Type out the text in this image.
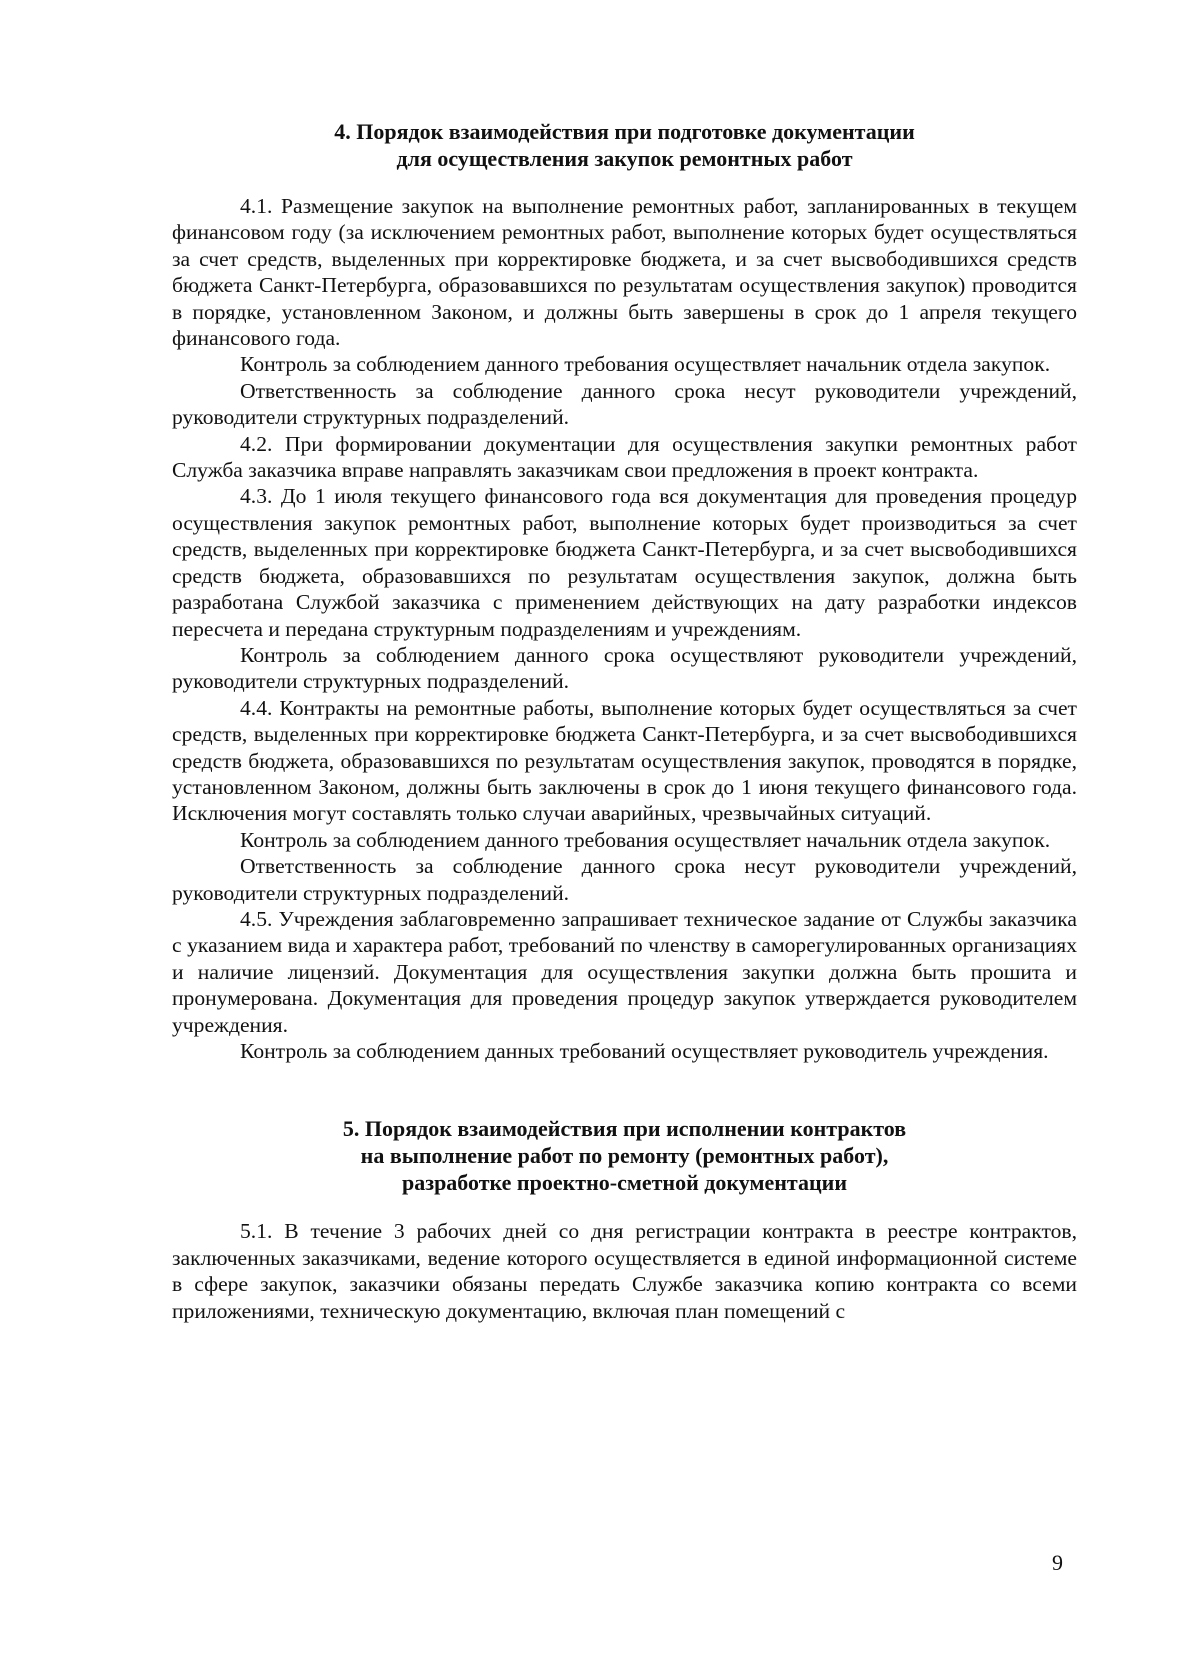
4. Порядок взаимодействия при подготовке документации
для осуществления закупок ремонтных работ

4.1. Размещение закупок на выполнение ремонтных работ, запланированных в текущем финансовом году (за исключением ремонтных работ, выполнение которых будет осуществляться за счет средств, выделенных при корректировке бюджета, и за счет высвободившихся средств бюджета Санкт-Петербурга, образовавшихся по результатам осуществления закупок) проводится в порядке, установленном Законом, и должны быть завершены в срок до 1 апреля текущего финансового года.

Контроль за соблюдением данного требования осуществляет начальник отдела закупок.

Ответственность за соблюдение данного срока несут руководители учреждений, руководители структурных подразделений.

4.2. При формировании документации для осуществления закупки ремонтных работ Служба заказчика вправе направлять заказчикам свои предложения в проект контракта.

4.3. До 1 июля текущего финансового года вся документация для проведения процедур осуществления закупок ремонтных работ, выполнение которых будет производиться за счет средств, выделенных при корректировке бюджета Санкт-Петербурга, и за счет высвободившихся средств бюджета, образовавшихся по результатам осуществления закупок, должна быть разработана Службой заказчика с применением действующих на дату разработки индексов пересчета и передана структурным подразделениям и учреждениям.

Контроль за соблюдением данного срока осуществляют руководители учреждений, руководители структурных подразделений.

4.4. Контракты на ремонтные работы, выполнение которых будет осуществляться за счет средств, выделенных при корректировке бюджета Санкт-Петербурга, и за счет высвободившихся средств бюджета, образовавшихся по результатам осуществления закупок, проводятся в порядке, установленном Законом, должны быть заключены в срок до 1 июня текущего финансового года. Исключения могут составлять только случаи аварийных, чрезвычайных ситуаций.

Контроль за соблюдением данного требования осуществляет начальник отдела закупок.

Ответственность за соблюдение данного срока несут руководители учреждений, руководители структурных подразделений.

4.5. Учреждения заблаговременно запрашивает техническое задание от Службы заказчика с указанием вида и характера работ, требований по членству в саморегулированных организациях и наличие лицензий. Документация для осуществления закупки должна быть прошита и пронумерована. Документация для проведения процедур закупок утверждается руководителем учреждения.

Контроль за соблюдением данных требований осуществляет руководитель учреждения.

5. Порядок взаимодействия при исполнении контрактов
на выполнение работ по ремонту (ремонтных работ),
разработке проектно-сметной документации

5.1. В течение 3 рабочих дней со дня регистрации контракта в реестре контрактов, заключенных заказчиками, ведение которого осуществляется в единой информационной системе в сфере закупок, заказчики обязаны передать Службе заказчика копию контракта со всеми приложениями, техническую документацию, включая план помещений с

9
